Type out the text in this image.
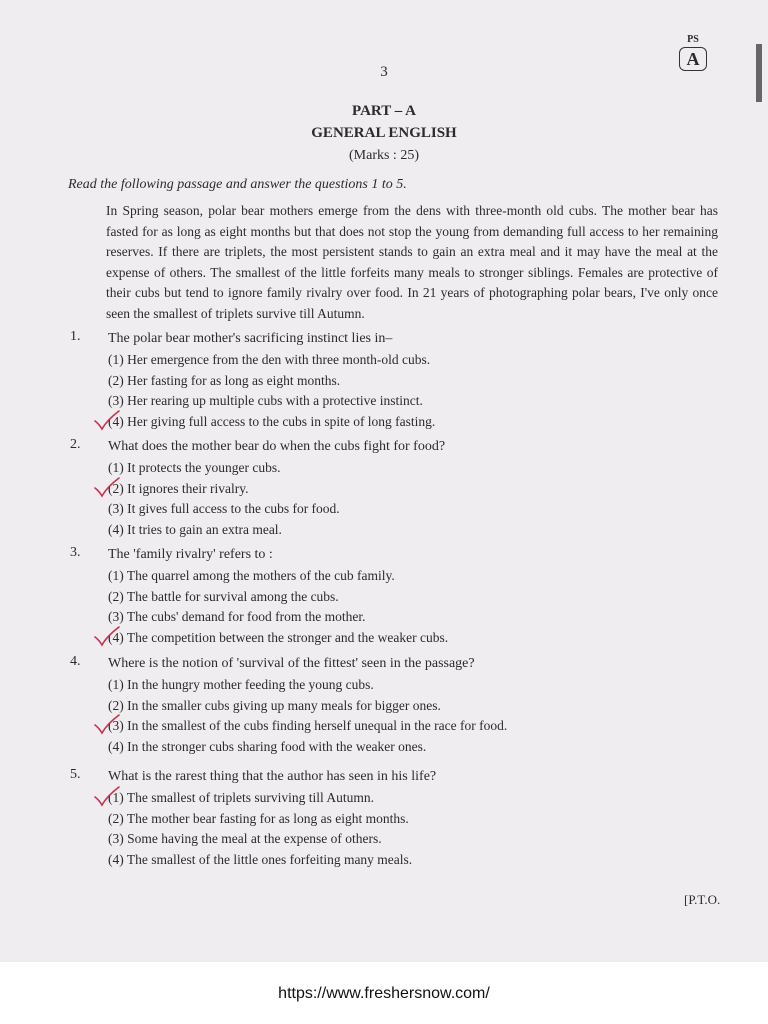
3
PS
A
PART – A
GENERAL ENGLISH
(Marks : 25)
Read the following passage and answer the questions 1 to 5.
In Spring season, polar bear mothers emerge from the dens with three-month old cubs. The mother bear has fasted for as long as eight months but that does not stop the young from demanding full access to her remaining reserves. If there are triplets, the most persistent stands to gain an extra meal and it may have the meal at the expense of others. The smallest of the little forfeits many meals to stronger siblings. Females are protective of their cubs but tend to ignore family rivalry over food. In 21 years of photographing polar bears, I've only once seen the smallest of triplets survive till Autumn.
1. The polar bear mother's sacrificing instinct lies in–
(1) Her emergence from the den with three month-old cubs.
(2) Her fasting for as long as eight months.
(3) Her rearing up multiple cubs with a protective instinct.
(4) Her giving full access to the cubs in spite of long fasting.
2. What does the mother bear do when the cubs fight for food?
(1) It protects the younger cubs.
(2) It ignores their rivalry.
(3) It gives full access to the cubs for food.
(4) It tries to gain an extra meal.
3. The 'family rivalry' refers to :
(1) The quarrel among the mothers of the cub family.
(2) The battle for survival among the cubs.
(3) The cubs' demand for food from the mother.
(4) The competition between the stronger and the weaker cubs.
4. Where is the notion of 'survival of the fittest' seen in the passage?
(1) In the hungry mother feeding the young cubs.
(2) In the smaller cubs giving up many meals for bigger ones.
(3) In the smallest of the cubs finding herself unequal in the race for food.
(4) In the stronger cubs sharing food with the weaker ones.
5. What is the rarest thing that the author has seen in his life?
(1) The smallest of triplets surviving till Autumn.
(2) The mother bear fasting for as long as eight months.
(3) Some having the meal at the expense of others.
(4) The smallest of the little ones forfeiting many meals.
[P.T.O.
https://www.freshersnow.com/
